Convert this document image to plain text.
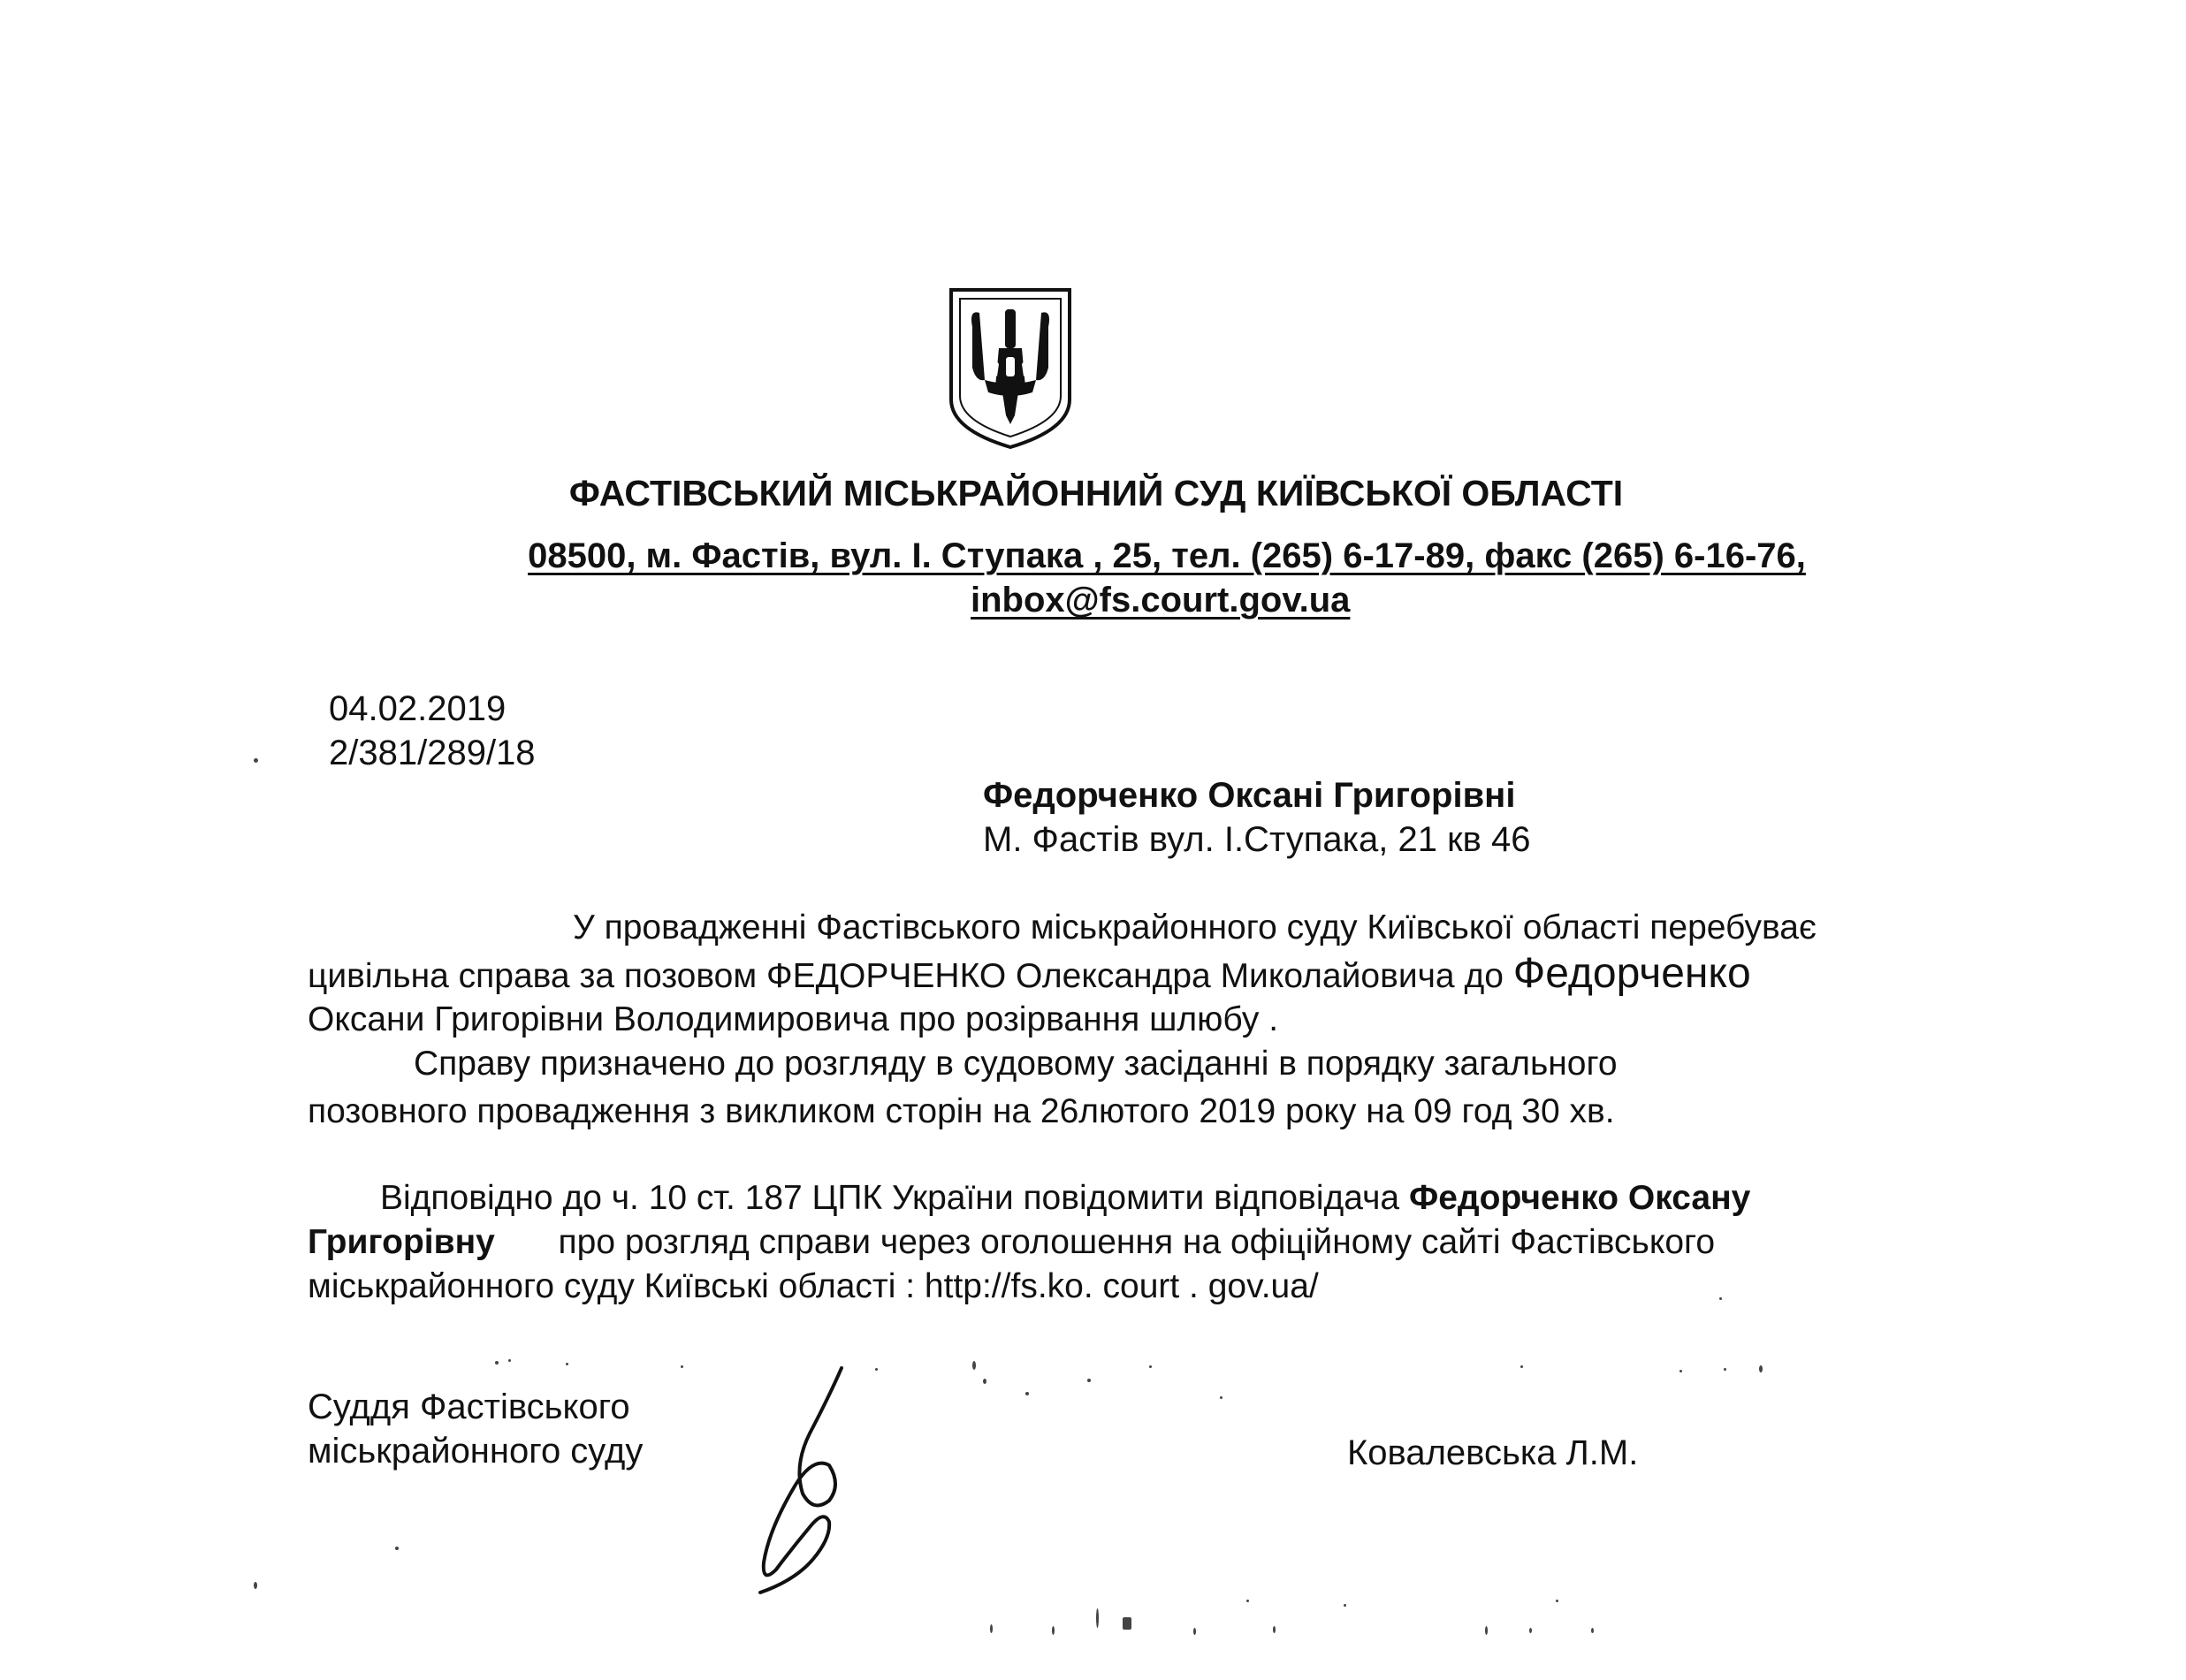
ФАСТІВСЬКИЙ МІСЬКРАЙОННИЙ СУД КИЇВСЬКОЇ ОБЛАСТІ
08500, м. Фастів, вул. І. Ступака , 25, тел. (265) 6-17-89, факс (265) 6-16-76,
inbox@fs.court.gov.ua
04.02.2019
2/381/289/18
Федорченко Оксані Григорівні
М. Фастів вул. І.Ступака, 21 кв 46
У провадженні Фастівського міськрайонного суду Київської області перебуває
цивільна справа за позовом ФЕДОРЧЕНКО Олександра Миколайовича до Федорченко
Оксани Григорівни Володимировича про розірвання шлюбу .
Справу призначено до розгляду в судовому засіданні в порядку загального
позовного провадження з викликом сторін на 26лютого 2019 року на 09 год 30 хв.
Відповідно до ч. 10 ст. 187 ЦПК України повідомити відповідача Федорченко Оксану
Григорівну про розгляд справи через оголошення на офіційному сайті Фастівського
міськрайонного суду Київські області : http://fs.ko. court . gov.ua/
Суддя Фастівського
міськрайонного суду	Ковалевська Л.М.
